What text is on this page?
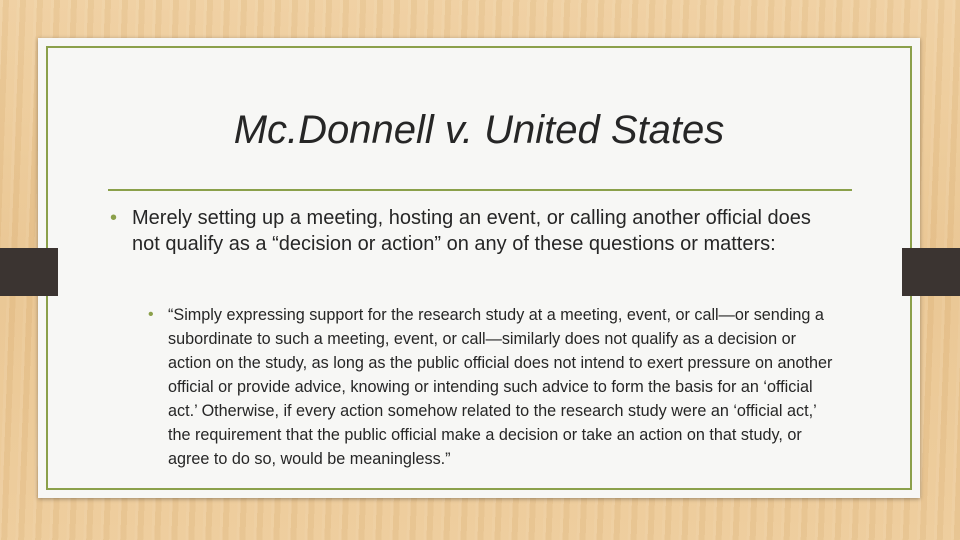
Mc.Donnell v. United States
• Merely setting up a meeting, hosting an event, or calling another official does not qualify as a “decision or action” on any of these questions or matters:
• “Simply expressing support for the research study at a meeting, event, or call—or sending a subordinate to such a meeting, event, or call—similarly does not qualify as a decision or action on the study, as long as the public official does not intend to exert pressure on another official or provide advice, knowing or intending such advice to form the basis for an ‘official act.’ Otherwise, if every action somehow related to the research study were an ‘official act,’ the requirement that the public official make a decision or take an action on that study, or agree to do so, would be meaningless.”
